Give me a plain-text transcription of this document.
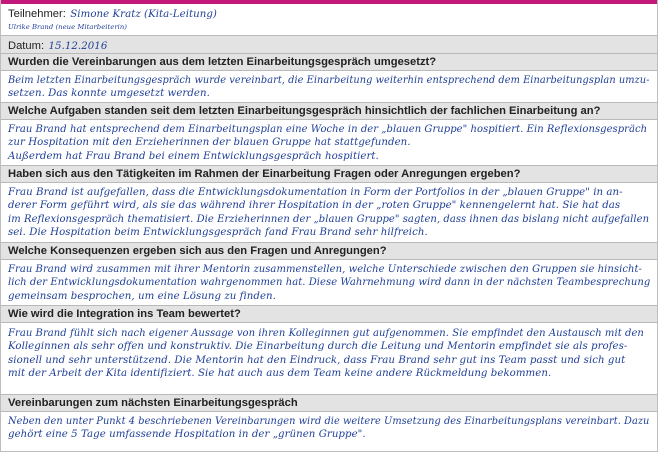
Teilnehmer: Simone Kratz (Kita-Leitung)
Ulrike Brand (neue Mitarbeiterin)
Datum: 15.12.2016
Wurden die Vereinbarungen aus dem letzten Einarbeitungsgespräch umgesetzt?
Beim letzten Einarbeitungsgespräch wurde vereinbart, die Einarbeitung weiterhin entsprechend dem Einarbeitungsplan umzu-
setzen. Das konnte umgesetzt werden.
Welche Aufgaben standen seit dem letzten Einarbeitungsgespräch hinsichtlich der fachlichen Einarbeitung an?
Frau Brand hat entsprechend dem Einarbeitungsplan eine Woche in der „blauen Gruppe" hospitiert. Ein Reflexionsgespräch
zur Hospitation mit den Erzieherinnen der blauen Gruppe hat stattgefunden.
Außerdem hat Frau Brand bei einem Entwicklungsgespräch hospitiert.
Haben sich aus den Tätigkeiten im Rahmen der Einarbeitung Fragen oder Anregungen ergeben?
Frau Brand ist aufgefallen, dass die Entwicklungsdokumentation in Form der Portfolios in der „blauen Gruppe" in an-
derer Form geführt wird, als sie das während ihrer Hospitation in der „roten Gruppe" kennengelernt hat. Sie hat das
im Reflexionsgespräch thematisiert. Die Erzieherinnen der „blauen Gruppe" sagten, dass ihnen das bislang nicht aufgefallen
sei. Die Hospitation beim Entwicklungsgespräch fand Frau Brand sehr hilfreich.
Welche Konsequenzen ergeben sich aus den Fragen und Anregungen?
Frau Brand wird zusammen mit ihrer Mentorin zusammenstellen, welche Unterschiede zwischen den Gruppen sie hinsicht-
lich der Entwicklungsdokumentation wahrgenommen hat. Diese Wahrnehmung wird dann in der nächsten Teambesprechung
gemeinsam besprochen, um eine Lösung zu finden.
Wie wird die Integration ins Team bewertet?
Frau Brand fühlt sich nach eigener Aussage von ihren Kolleginnen gut aufgenommen. Sie empfindet den Austausch mit den
Kolleginnen als sehr offen und konstruktiv. Die Einarbeitung durch die Leitung und Mentorin empfindet sie als profes-
sionell und sehr unterstützend. Die Mentorin hat den Eindruck, dass Frau Brand sehr gut ins Team passt und sich gut
mit der Arbeit der Kita identifiziert. Sie hat auch aus dem Team keine andere Rückmeldung bekommen.
Vereinbarungen zum nächsten Einarbeitungsgespräch
Neben den unter Punkt 4 beschriebenen Vereinbarungen wird die weitere Umsetzung des Einarbeitungsplans vereinbart. Dazu
gehört eine 5 Tage umfassende Hospitation in der „grünen Gruppe".
